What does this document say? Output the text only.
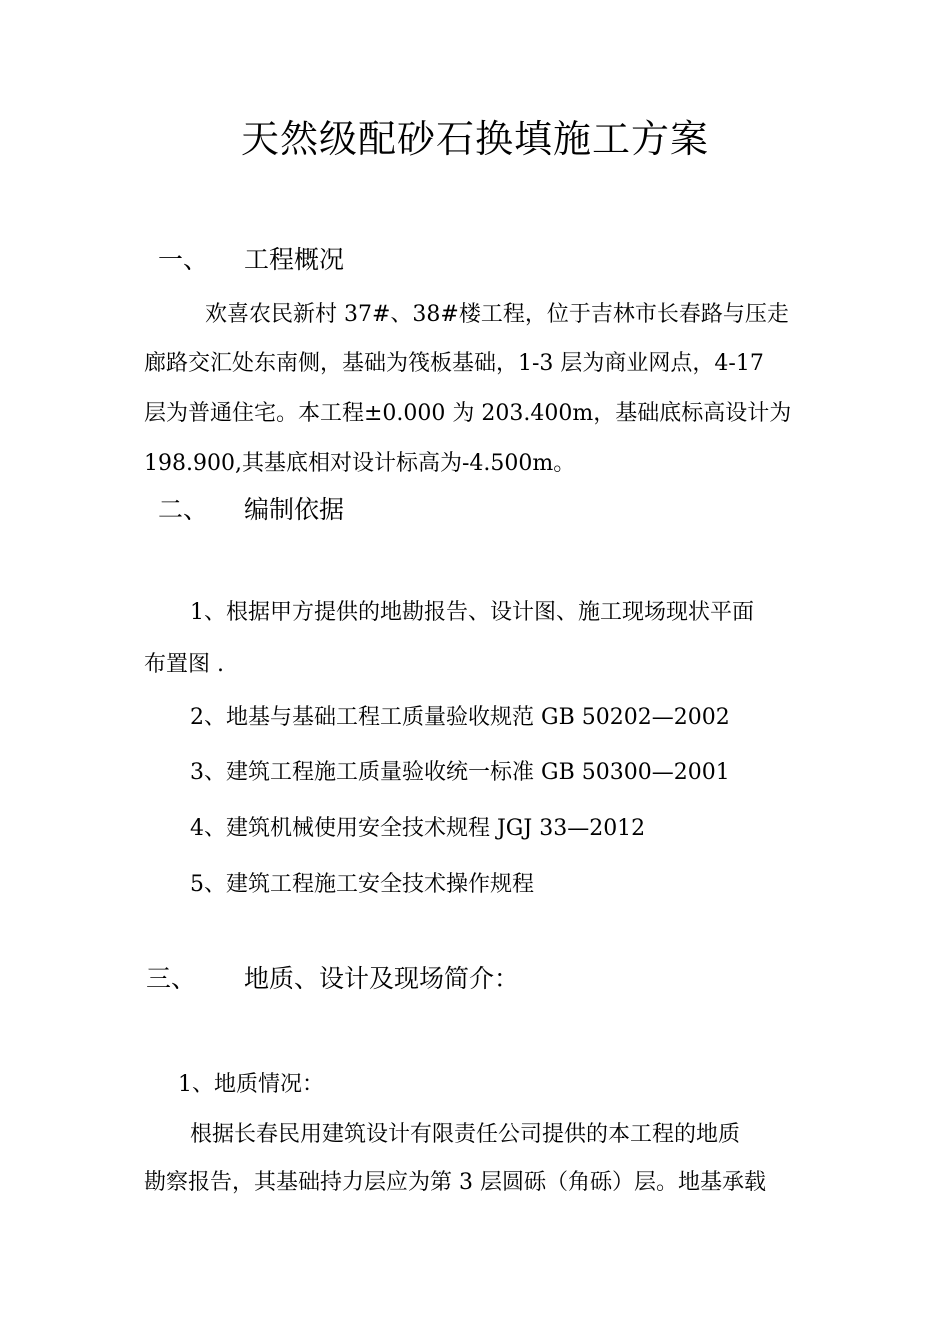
天然级配砂石换填施工方案
一、 工程概况
欢喜农民新村 37#、38#楼工程，位于吉林市长春路与压走
廊路交汇处东南侧，基础为筏板基础，1-3 层为商业网点，4-17
层为普通住宅。本工程±0.000 为 203.400m，基础底标高设计为
198.900,其基底相对设计标高为-4.500m。
二、 编制依据
1、根据甲方提供的地勘报告、设计图、施工现场现状平面
布置图 .
2、地基与基础工程工质量验收规范 GB 50202—2002
3、建筑工程施工质量验收统一标准 GB 50300—2001
4、建筑机械使用安全技术规程 JGJ 33—2012
5、建筑工程施工安全技术操作规程
三、 地质、设计及现场简介：
1、地质情况：
根据长春民用建筑设计有限责任公司提供的本工程的地质
勘察报告，其基础持力层应为第 3 层圆砾（角砾）层。地基承载
